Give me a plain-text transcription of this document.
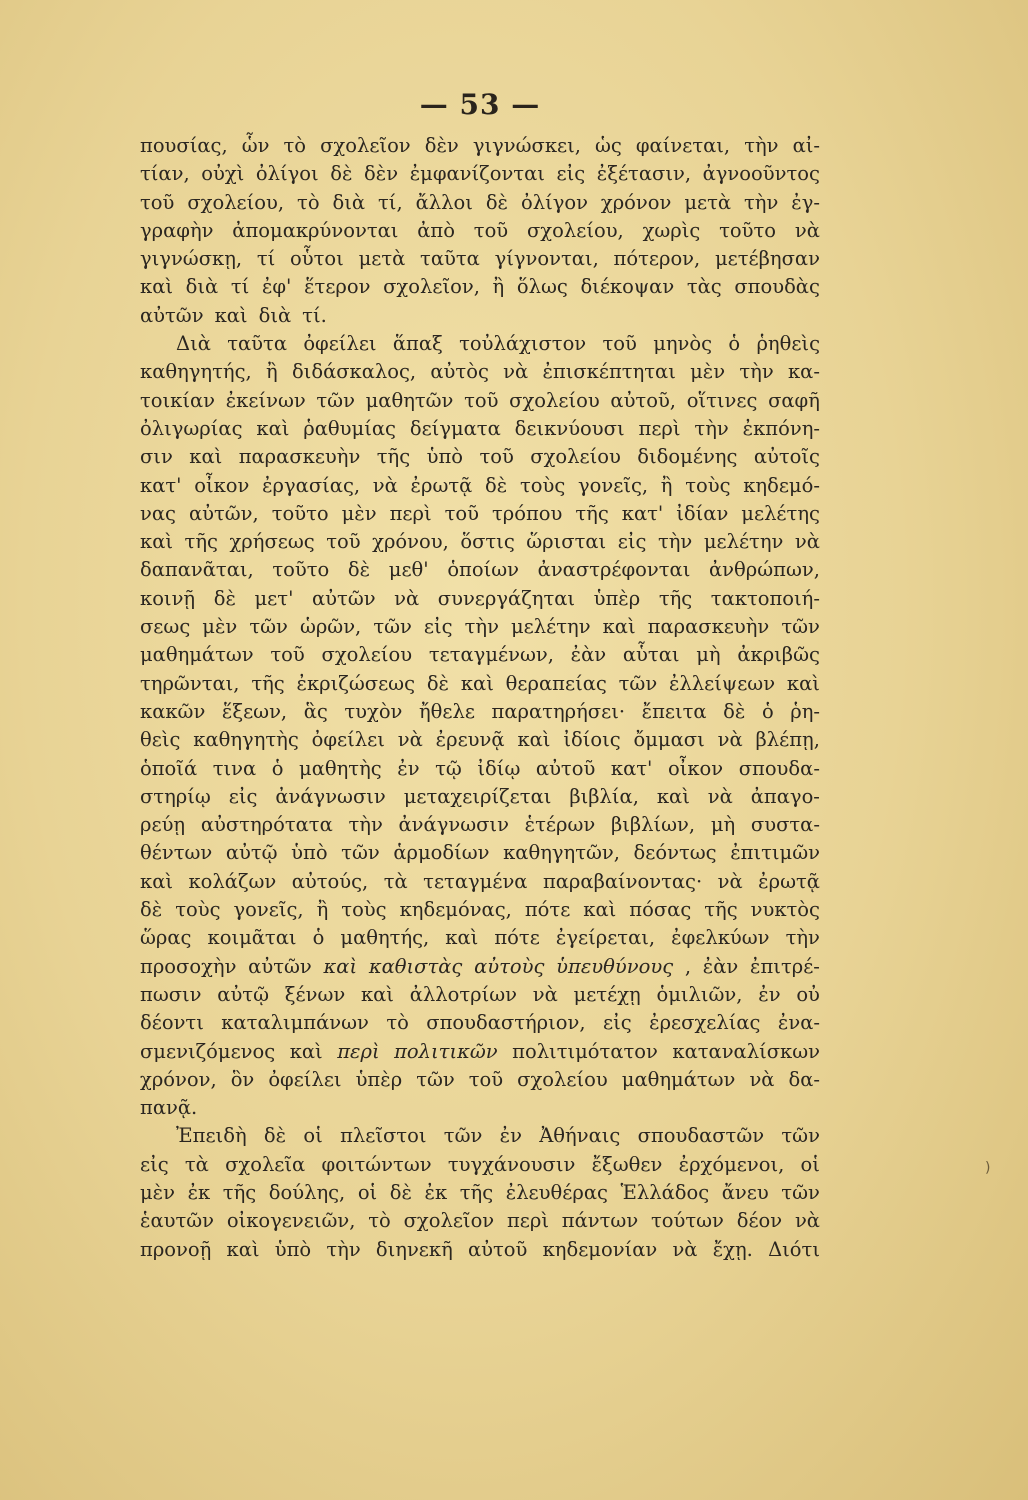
— 53 —
πουσίας, ὧν τὸ σχολεῖον δὲν γιγνώσκει, ὡς φαίνεται, τὴν αἰ-
τίαν, οὐχὶ ὀλίγοι δὲ δὲν ἐμφανίζονται εἰς ἐξέτασιν, ἀγνοοῦντος
τοῦ σχολείου, τὸ διὰ τί, ἄλλοι δὲ ὀλίγον χρόνον μετὰ τὴν ἐγ-
γραφὴν ἀπομακρύνονται ἀπὸ τοῦ σχολείου, χωρὶς τοῦτο νὰ
γιγνώσκῃ, τί οὗτοι μετὰ ταῦτα γίγνονται, πότερον, μετέβησαν
καὶ διὰ τί ἐφ' ἕτερον σχολεῖον, ἢ ὅλως διέκοψαν τὰς σπουδὰς
αὐτῶν καὶ διὰ τί.
Διὰ ταῦτα ὀφείλει ἅπαξ τοὐλάχιστον τοῦ μηνὸς ὁ ῥηθεὶς
καθηγητής, ἢ διδάσκαλος, αὐτὸς νὰ ἐπισκέπτηται μὲν τὴν κα-
τοικίαν ἐκείνων τῶν μαθητῶν τοῦ σχολείου αὐτοῦ, οἵτινες σαφῆ
ὀλιγωρίας καὶ ῥαθυμίας δείγματα δεικνύουσι περὶ τὴν ἐκπόνη-
σιν καὶ παρασκευὴν τῆς ὑπὸ τοῦ σχολείου διδομένης αὐτοῖς
κατ' οἶκον ἐργασίας, νὰ ἐρωτᾷ δὲ τοὺς γονεῖς, ἢ τοὺς κηδεμό-
νας αὐτῶν, τοῦτο μὲν περὶ τοῦ τρόπου τῆς κατ' ἰδίαν μελέτης
καὶ τῆς χρήσεως τοῦ χρόνου, ὅστις ὥρισται εἰς τὴν μελέτην νὰ
δαπανᾶται, τοῦτο δὲ μεθ' ὁποίων ἀναστρέφονται ἀνθρώπων,
κοινῇ δὲ μετ' αὐτῶν νὰ συνεργάζηται ὑπὲρ τῆς τακτοποιή-
σεως μὲν τῶν ὡρῶν, τῶν εἰς τὴν μελέτην καὶ παρασκευὴν τῶν
μαθημάτων τοῦ σχολείου τεταγμένων, ἐὰν αὗται μὴ ἀκριβῶς
τηρῶνται, τῆς ἐκριζώσεως δὲ καὶ θεραπείας τῶν ἐλλείψεων καὶ
κακῶν ἕξεων, ἃς τυχὸν ἤθελε παρατηρήσει· ἔπειτα δὲ ὁ ῥη-
θεὶς καθηγητὴς ὀφείλει νὰ ἐρευνᾷ καὶ ἰδίοις ὄμμασι νὰ βλέπῃ,
ὁποῖά τινα ὁ μαθητὴς ἐν τῷ ἰδίῳ αὐτοῦ κατ' οἶκον σπουδα-
στηρίῳ εἰς ἀνάγνωσιν μεταχειρίζεται βιβλία, καὶ νὰ ἀπαγο-
ρεύῃ αὐστηρότατα τὴν ἀνάγνωσιν ἑτέρων βιβλίων, μὴ συστα-
θέντων αὐτῷ ὑπὸ τῶν ἁρμοδίων καθηγητῶν, δεόντως ἐπιτιμῶν
καὶ κολάζων αὐτούς, τὰ τεταγμένα παραβαίνοντας· νὰ ἐρωτᾷ
δὲ τοὺς γονεῖς, ἢ τοὺς κηδεμόνας, πότε καὶ πόσας τῆς νυκτὸς
ὥρας κοιμᾶται ὁ μαθητής, καὶ πότε ἐγείρεται, ἐφελκύων τὴν
προσοχὴν αὐτῶν καὶ καθιστὰς αὐτοὺς ὑπευθύνους , ἐὰν ἐπιτρέ-
πωσιν αὐτῷ ξένων καὶ ἀλλοτρίων νὰ μετέχῃ ὁμιλιῶν, ἐν οὐ
δέοντι καταλιμπάνων τὸ σπουδαστήριον, εἰς ἐρεσχελίας ἐνα-
σμενιζόμενος καὶ περὶ πολιτικῶν πολιτιμότατον καταναλίσκων
χρόνον, ὃν ὀφείλει ὑπὲρ τῶν τοῦ σχολείου μαθημάτων νὰ δα-
πανᾷ.
Ἐπειδὴ δὲ οἱ πλεῖστοι τῶν ἐν Ἀθήναις σπουδαστῶν τῶν
εἰς τὰ σχολεῖα φοιτώντων τυγχάνουσιν ἔξωθεν ἐρχόμενοι, οἱ
μὲν ἐκ τῆς δούλης, οἱ δὲ ἐκ τῆς ἐλευθέρας Ἑλλάδος ἄνευ τῶν
ἑαυτῶν οἰκογενειῶν, τὸ σχολεῖον περὶ πάντων τούτων δέον νὰ
προνοῇ καὶ ὑπὸ τὴν διηνεκῆ αὐτοῦ κηδεμονίαν νὰ ἔχῃ. Διότι
)
